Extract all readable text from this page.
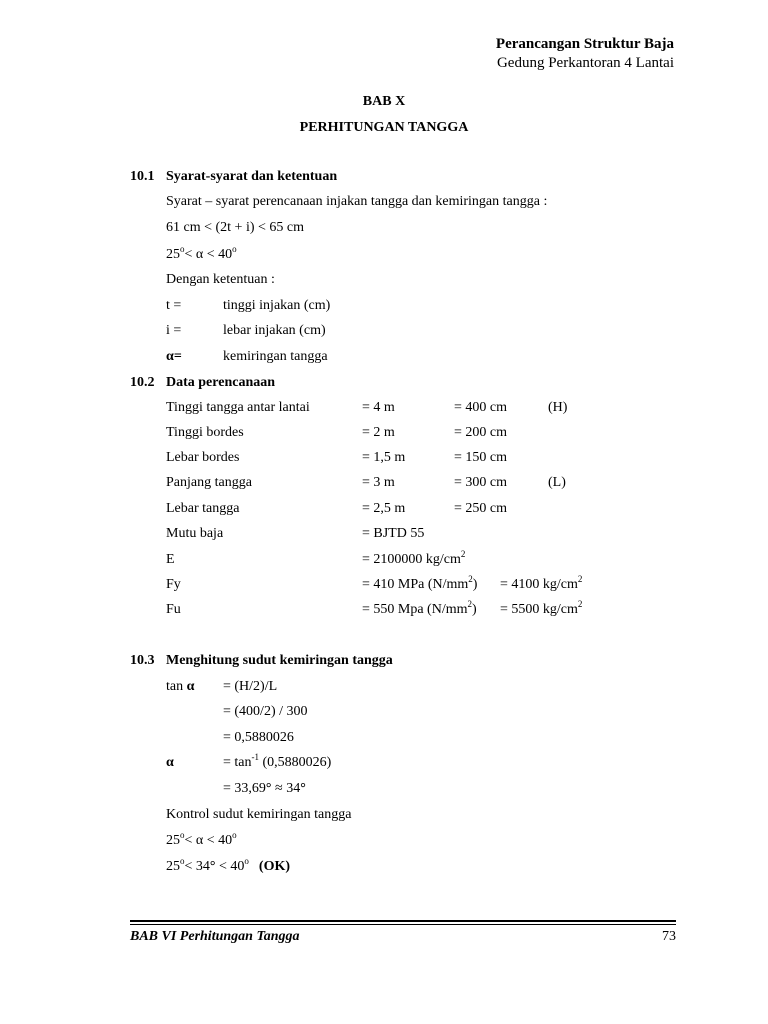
Perancangan Struktur Baja
Gedung Perkantoran 4 Lantai
BAB X
PERHITUNGAN TANGGA
10.1 Syarat-syarat dan ketentuan
Syarat – syarat perencanaan injakan tangga dan kemiringan tangga :
61 cm < (2t + i) < 65 cm
$25^o< \alpha < 40^o$
Dengan ketentuan :
t =	tinggi injakan (cm)
i =	lebar injakan (cm)
α=	kemiringan tangga
10.2 Data perencanaan
Tinggi tangga antar lantai	= 4 m	= 400 cm	(H)
Tinggi bordes	= 2 m	= 200 cm
Lebar bordes	= 1,5 m	= 150 cm
Panjang tangga	= 3 m	= 300 cm	(L)
Lebar tangga	= 2,5 m	= 250 cm
Mutu baja	= BJTD 55
E	= 2100000 $kg/cm^2$
Fy	= 410 MPa $(N/mm^2) = 4100$ $kg/cm^2$
Fu	= 550 Mpa $(N/mm^2) = 5500$ $kg/cm^2$
10.3 Menghitung sudut kemiringan tangga
tan α = (H/2)/L
= (400/2) / 300
= 0,5880026
α	= $\tan^{-1} (0,5880026)$
= 33,69° ≈ 34°
Kontrol sudut kemiringan tangga
$25^o< \alpha < 40^o$
$25^o< 34^\circ < 40^o$ (OK)
BAB VI Perhitungan Tangga	73
